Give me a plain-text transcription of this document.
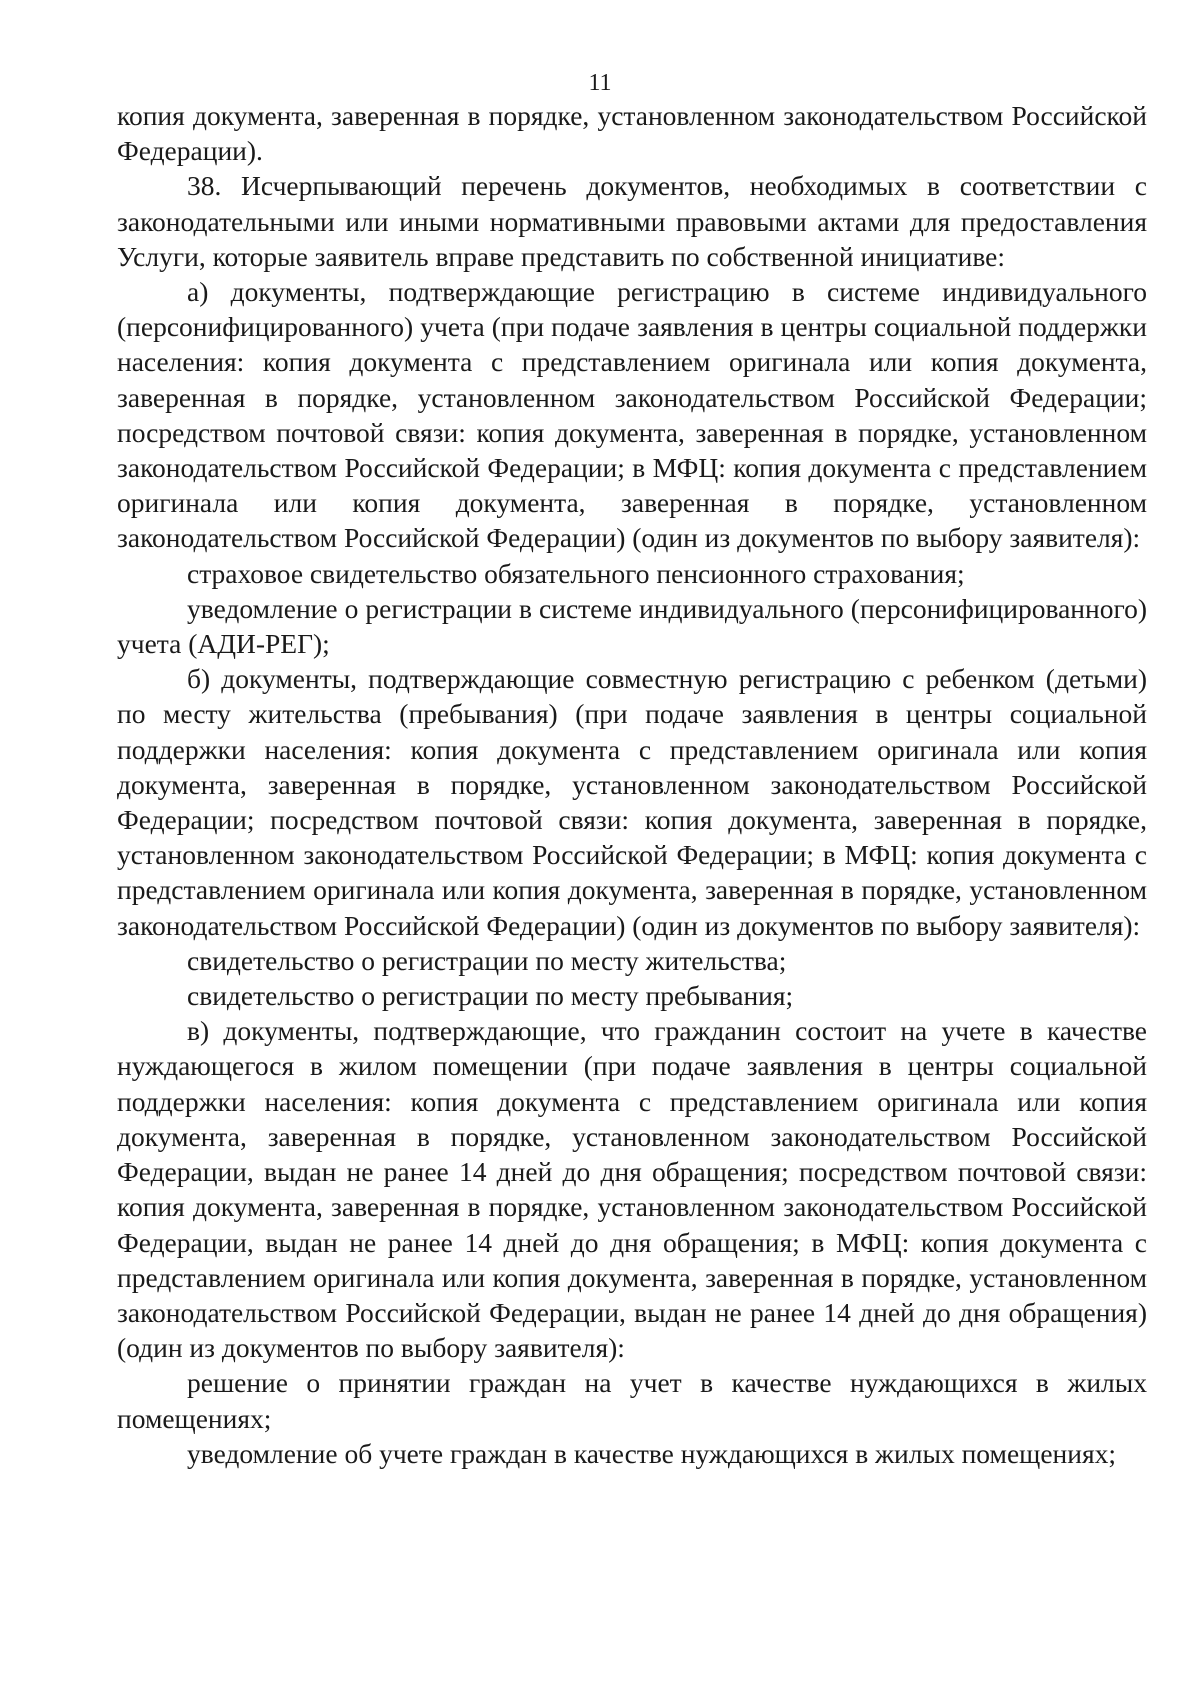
11

копия документа, заверенная в порядке, установленном законодательством Российской Федерации).

38. Исчерпывающий перечень документов, необходимых в соответствии с законодательными или иными нормативными правовыми актами для предоставления Услуги, которые заявитель вправе представить по собственной инициативе:

а) документы, подтверждающие регистрацию в системе индивидуального (персонифицированного) учета (при подаче заявления в центры социальной поддержки населения: копия документа с представлением оригинала или копия документа, заверенная в порядке, установленном законодательством Российской Федерации; посредством почтовой связи: копия документа, заверенная в порядке, установленном законодательством Российской Федерации; в МФЦ: копия документа с представлением оригинала или копия документа, заверенная в порядке, установленном законодательством Российской Федерации) (один из документов по выбору заявителя):

страховое свидетельство обязательного пенсионного страхования;

уведомление о регистрации в системе индивидуального (персонифицированного) учета (АДИ-РЕГ);

б) документы, подтверждающие совместную регистрацию с ребенком (детьми) по месту жительства (пребывания) (при подаче заявления в центры социальной поддержки населения: копия документа с представлением оригинала или копия документа, заверенная в порядке, установленном законодательством Российской Федерации; посредством почтовой связи: копия документа, заверенная в порядке, установленном законодательством Российской Федерации; в МФЦ: копия документа с представлением оригинала или копия документа, заверенная в порядке, установленном законодательством Российской Федерации) (один из документов по выбору заявителя):

свидетельство о регистрации по месту жительства;

свидетельство о регистрации по месту пребывания;

в) документы, подтверждающие, что гражданин состоит на учете в качестве нуждающегося в жилом помещении (при подаче заявления в центры социальной поддержки населения: копия документа с представлением оригинала или копия документа, заверенная в порядке, установленном законодательством Российской Федерации, выдан не ранее 14 дней до дня обращения; посредством почтовой связи: копия документа, заверенная в порядке, установленном законодательством Российской Федерации, выдан не ранее 14 дней до дня обращения; в МФЦ: копия документа с представлением оригинала или копия документа, заверенная в порядке, установленном законодательством Российской Федерации, выдан не ранее 14 дней до дня обращения) (один из документов по выбору заявителя):

решение о принятии граждан на учет в качестве нуждающихся в жилых помещениях;

уведомление об учете граждан в качестве нуждающихся в жилых помещениях;
